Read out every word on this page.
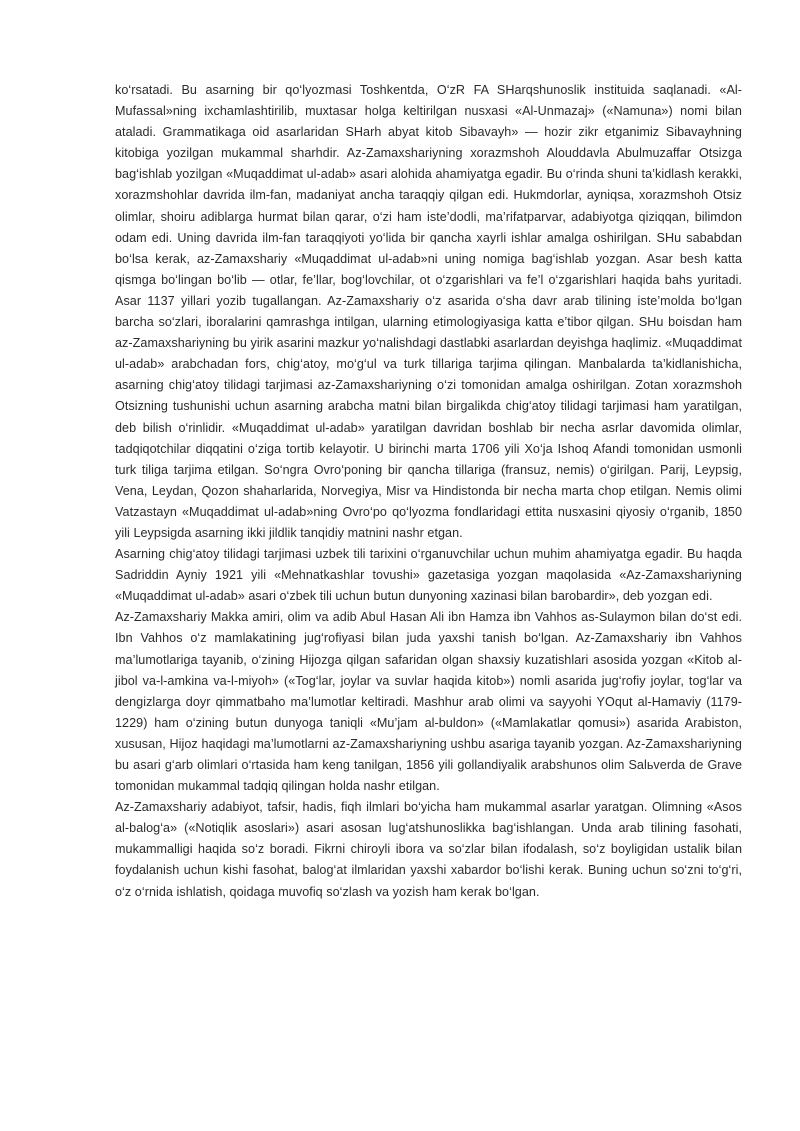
ko‘rsatadi. Bu asarning bir qo‘lyozmasi Toshkentda, O‘zR FA SHarqshunoslik instituida saqlanadi. «Al-Mufassal»ning ixchamlashtirilib, muxtasar holga keltirilgan nusxasi «Al-Unmazaj» («Namuna») nomi bilan ataladi. Grammatikaga oid asarlaridan SHarh abyat kitob Sibavayh» — hozir zikr etganimiz Sibavayhning kitobiga yozilgan mukammal sharhdir. Az-Zamaxshariyning xorazmshoh Alouddavla Abulmuzaffar Otsizga bag‘ishlab yozilgan «Muqaddimat ul-adab» asari alohida ahamiyatga egadir. Bu o‘rinda shuni ta’kidlash kerakki, xorazmshohlar davrida ilm-fan, madaniyat ancha taraqqiy qilgan edi. Hukmdorlar, ayniqsa, xorazmshoh Otsiz olimlar, shoiru adiblarga hurmat bilan qarar, o‘zi ham iste’dodli, ma’rifatparvar, adabiyotga qiziqqan, bilimdon odam edi. Uning davrida ilm-fan taraqqiyoti yo‘lida bir qancha xayrli ishlar amalga oshirilgan. SHu sababdan bo‘lsa kerak, az-Zamaxshariy «Muqaddimat ul-adab»ni uning nomiga bag‘ishlab yozgan. Asar besh katta qismga bo‘lingan bo‘lib — otlar, fe’llar, bog‘lovchilar, ot o‘zgarishlari va fe’l o‘zgarishlari haqida bahs yuritadi. Asar 1137 yillari yozib tugallangan. Az-Zamaxshariy o‘z asarida o‘sha davr arab tilining iste’molda bo‘lgan barcha so‘zlari, iboralarini qamrashga intilgan, ularning etimologiyasiga katta e’tibor qilgan. SHu boisdan ham az-Zamaxshariyning bu yirik asarini mazkur yo‘nalishdagi dastlabki asarlardan deyishga haqlimiz. «Muqaddimat ul-adab» arabchadan fors, chig‘atoy, mo‘g‘ul va turk tillariga tarjima qilingan. Manbalarda ta’kidlanishicha, asarning chig‘atoy tilidagi tarjimasi az-Zamaxshariyning o‘zi tomonidan amalga oshirilgan. Zotan xorazmshoh Otsizning tushunishi uchun asarning arabcha matni bilan birgalikda chig‘atoy tilidagi tarjimasi ham yaratilgan, deb bilish o‘rinlidir. «Muqaddimat ul-adab» yaratilgan davridan boshlab bir necha asrlar davomida olimlar, tadqiqotchilar diqqatini o‘ziga tortib kelayotir. U birinchi marta 1706 yili Xo‘ja Ishoq Afandi tomonidan usmonli turk tiliga tarjima etilgan. So‘ngra Ovro‘poning bir qancha tillariga (fransuz, nemis) o‘girilgan. Parij, Leypsig, Vena, Leydan, Qozon shaharlarida, Norvegiya, Misr va Hindistonda bir necha marta chop etilgan. Nemis olimi Vatzastayn «Muqaddimat ul-adab»ning Ovro‘po qo‘lyozma fondlaridagi ettita nusxasini qiyosiy o‘rganib, 1850 yili Leypsigda asarning ikki jildlik tanqidiy matnini nashr etgan.

Asarning chig‘atoy tilidagi tarjimasi uzbek tili tarixini o‘rganuvchilar uchun muhim ahamiyatga egadir. Bu haqda Sadriddin Ayniy 1921 yili «Mehnatkashlar tovushi» gazetasiga yozgan maqolasida «Az-Zamaxshariyning «Muqaddimat ul-adab» asari o‘zbek tili uchun butun dunyoning xazinasi bilan barobardir», deb yozgan edi.

Az-Zamaxshariy Makka amiri, olim va adib Abul Hasan Ali ibn Hamza ibn Vahhos as-Sulaymon bilan do‘st edi. Ibn Vahhos o‘z mamlakatining jug‘rofiyasi bilan juda yaxshi tanish bo‘lgan. Az-Zamaxshariy ibn Vahhos ma’lumotlariga tayanib, o‘zining Hijozga qilgan safaridan olgan shaxsiy kuzatishlari asosida yozgan «Kitob al-jibol va-l-amkina va-l-miyoh» («Tog‘lar, joylar va suvlar haqida kitob») nomli asarida jug‘rofiy joylar, tog‘lar va dengizlarga doyr qimmatbaho ma’lumotlar keltiradi. Mashhur arab olimi va sayyohi YOqut al-Hamaviy (1179-1229) ham o‘zining butun dunyoga taniqli «Mu’jam al-buldon» («Mamlakatlar qomusi») asarida Arabiston, xususan, Hijoz haqidagi ma’lumotlarni az-Zamaxshariyning ushbu asariga tayanib yozgan. Az-Zamaxshariyning bu asari g‘arb olimlari o‘rtasida ham keng tanilgan, 1856 yili gollandiyalik arabshunos olim Salьverda de Grave tomonidan mukammal tadqiq qilingan holda nashr etilgan.

Az-Zamaxshariy adabiyot, tafsir, hadis, fiqh ilmlari bo‘yicha ham mukammal asarlar yaratgan. Olimning «Asos al-balog‘a» («Notiqlik asoslari») asari asosan lug‘atshunoslikka bag‘ishlangan. Unda arab tilining fasohati, mukammalligi haqida so‘z boradi. Fikrni chiroyli ibora va so‘zlar bilan ifodalash, so‘z boyligidan ustalik bilan foydalanish uchun kishi fasohat, balog‘at ilmlaridan yaxshi xabardor bo‘lishi kerak. Buning uchun so‘zni to‘g‘ri, o‘z o‘rnida ishlatish, qoidaga muvofiq so‘zlash va yozish ham kerak bo‘lgan.
